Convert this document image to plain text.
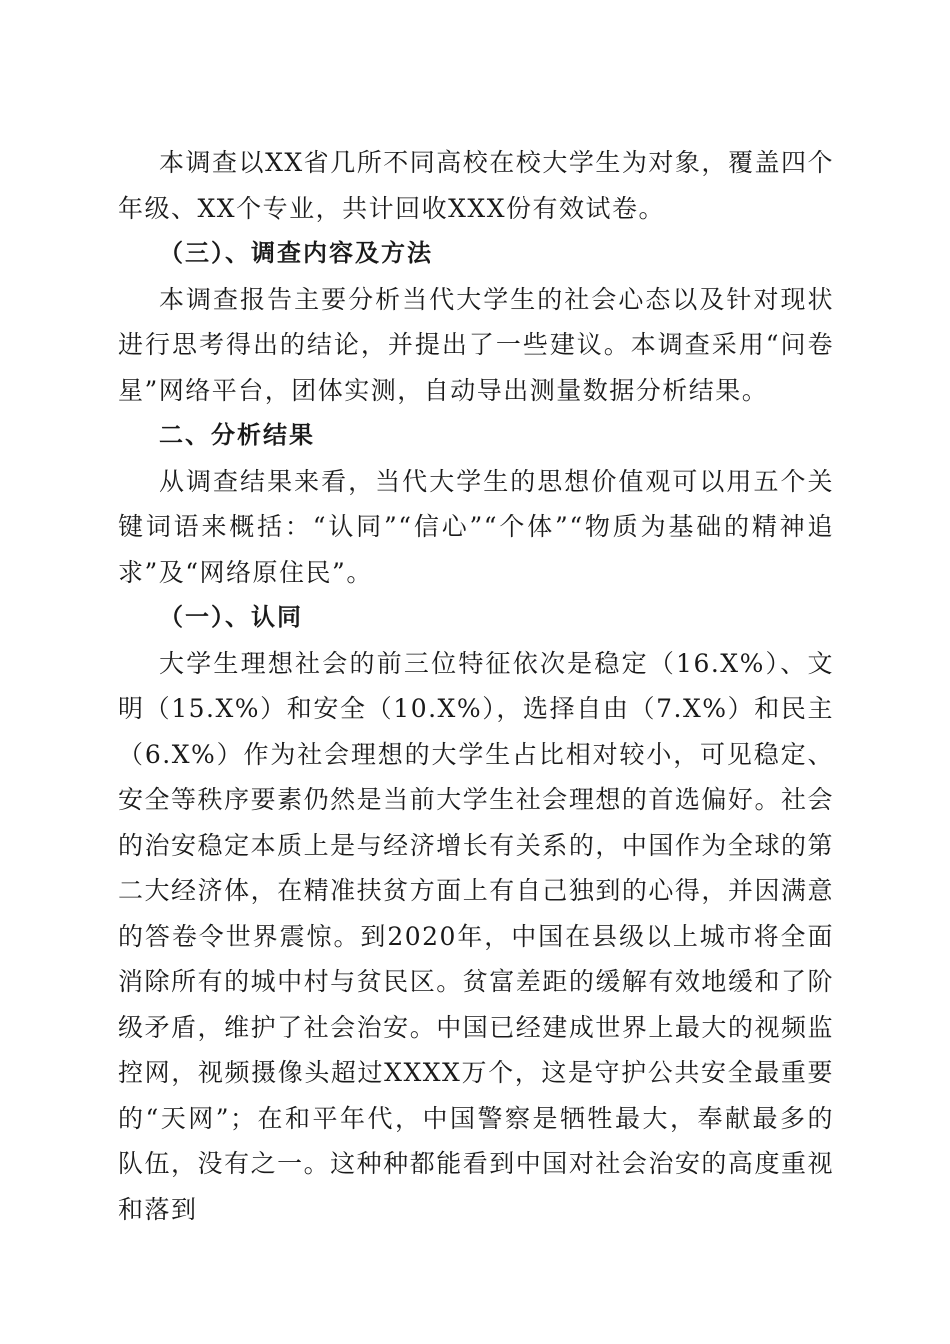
本调查以XX省几所不同高校在校大学生为对象，覆盖四个年级、XX个专业，共计回收XXX份有效试卷。

（三）、调查内容及方法

本调查报告主要分析当代大学生的社会心态以及针对现状进行思考得出的结论，并提出了一些建议。本调查采用“问卷星”网络平台，团体实测，自动导出测量数据分析结果。

二、分析结果

从调查结果来看，当代大学生的思想价值观可以用五个关键词语来概括：“认同”“信心”“个体”“物质为基础的精神追求”及“网络原住民”。

（一）、认同

大学生理想社会的前三位特征依次是稳定（16.X%）、文明（15.X%）和安全（10.X%），选择自由（7.X%）和民主（6.X%）作为社会理想的大学生占比相对较小，可见稳定、安全等秩序要素仍然是当前大学生社会理想的首选偏好。社会的治安稳定本质上是与经济增长有关系的，中国作为全球的第二大经济体，在精准扶贫方面上有自己独到的心得，并因满意的答卷令世界震惊。到2020年，中国在县级以上城市将全面消除所有的城中村与贫民区。贫富差距的缓解有效地缓和了阶级矛盾，维护了社会治安。中国已经建成世界上最大的视频监控网，视频摄像头超过XXXX万个，这是守护公共安全最重要的“天网”；在和平年代，中国警察是牺牲最大，奉献最多的队伍，没有之一。这种种都能看到中国对社会治安的高度重视和落到
